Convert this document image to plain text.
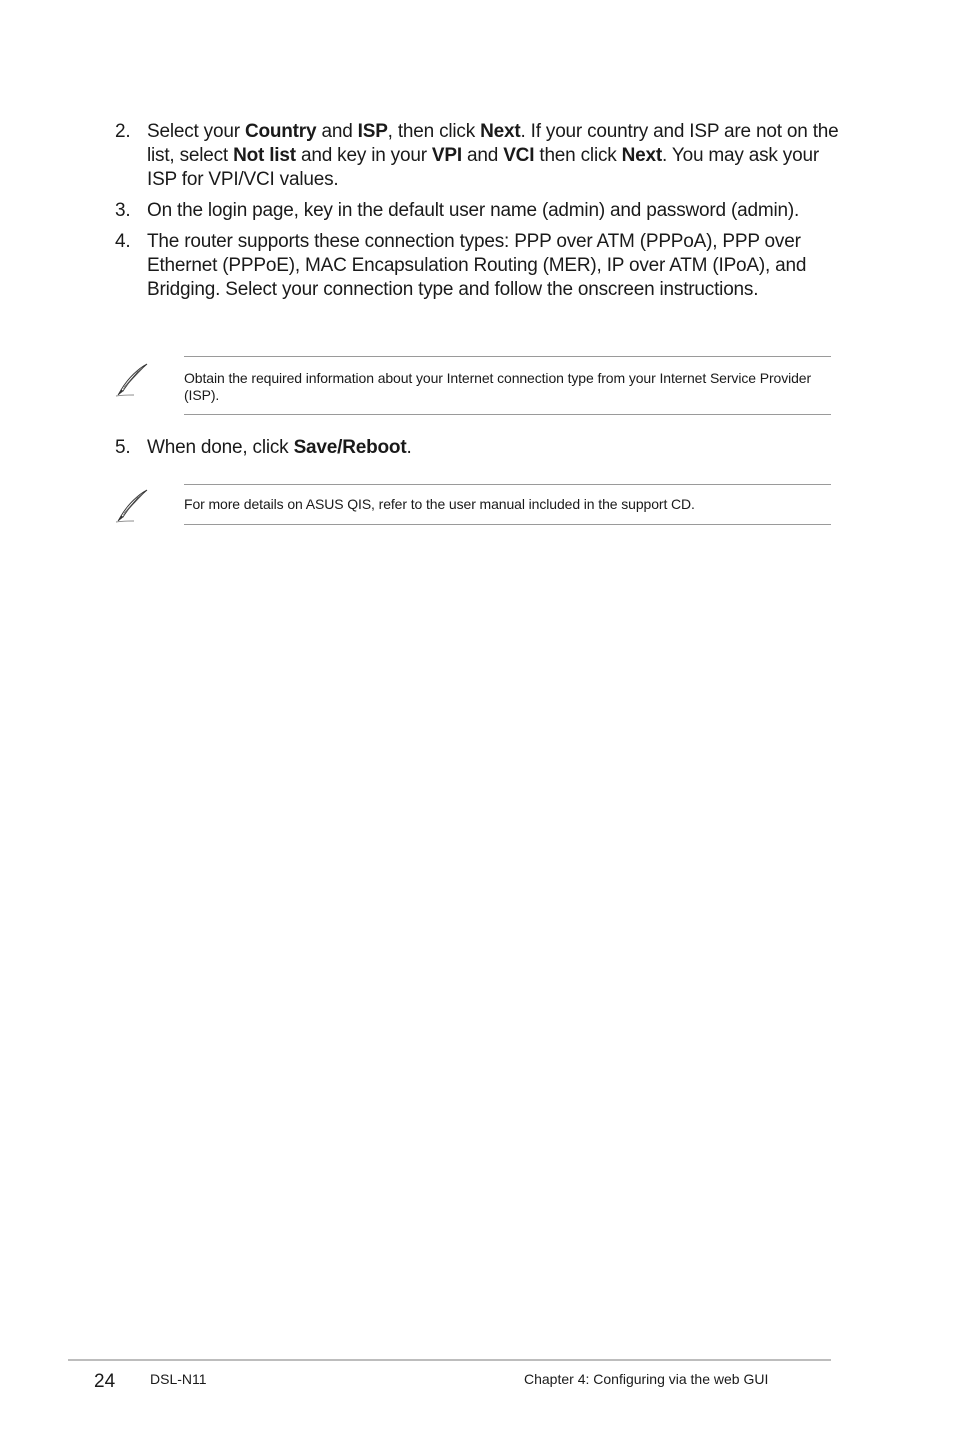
2. Select your Country and ISP, then click Next. If your country and ISP are not on the list, select Not list and key in your VPI and VCI then click Next. You may ask your ISP for VPI/VCI values.
3. On the login page, key in the default user name (admin) and password (admin).
4. The router supports these connection types: PPP over ATM (PPPoA), PPP over Ethernet (PPPoE), MAC Encapsulation Routing (MER), IP over ATM (IPoA), and Bridging. Select your connection type and follow the onscreen instructions.
Obtain the required information about your Internet connection type from your Internet Service Provider (ISP).
5. When done, click Save/Reboot.
For more details on ASUS QIS, refer to the user manual included in the support CD.
24 DSL-N11	Chapter 4: Configuring via the web GUI
